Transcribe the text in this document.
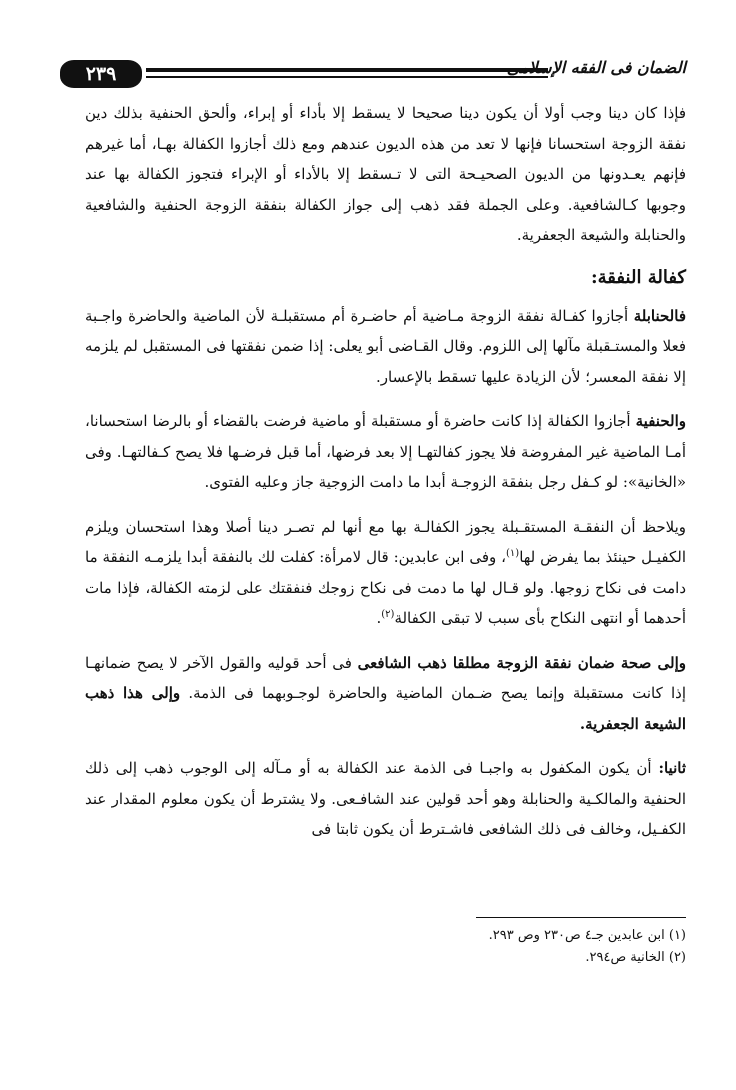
٢٣٩	الضمان فى الفقه الإسلامى

فإذا كان دينا وجب أولا أن يكون دينا صحيحا لا يسقط إلا بأداء أو إبراء، وألحق الحنفية بذلك دين نفقة الزوجة استحسانا فإنها لا تعد من هذه الديون عندهم ومع ذلك أجازوا الكفالة بهـا، أما غيرهم فإنهم يعـدونها من الديون الصحيـحة التى لا تـسقط إلا بالأداء أو الإبراء فتجوز الكفالة بها عند وجوبها كـالشافعية. وعلى الجملة فقد ذهب إلى جواز الكفالة بنفقة الزوجة الحنفية والشافعية والحنابلة والشيعة الجعفرية.

كفالة النفقة:

فالحنابلة أجازوا كفـالة نفقة الزوجة مـاضية أم حاضـرة أم مستقبلـة لأن الماضية والحاضرة واجـبة فعلا والمستـقبلة مآلها إلى اللزوم. وقال القـاضى أبو يعلى: إذا ضمن نفقتها فى المستقبل لم يلزمه إلا نفقة المعسر؛ لأن الزيادة عليها تسقط بالإعسار.

والحنفية أجازوا الكفالة إذا كانت حاضرة أو مستقبلة أو ماضية فرضت بالقضاء أو بالرضا استحسانا، أمـا الماضية غير المفروضة فلا يجوز كفالتهـا إلا بعد فرضها، أما قبل فرضـها فلا يصح كـفالتهـا. وفى «الخانية»: لو كـفل رجل بنفقة الزوجـة أبدا ما دامت الزوجية جاز وعليه الفتوى.

ويلاحظ أن النفقـة المستقـبلة يجوز الكفالـة بها مع أنها لم تصـر دينا أصلا وهذا استحسان ويلزم الكفيـل حينئذ بما يفرض لها$^{(١)}$، وفى ابن عابدين: قال لامرأة: كفلت لك بالنفقة أبدا يلزمـه النفقة ما دامت فى نكاح زوجها. ولو قـال لها ما دمت فى نكاح زوجك فنفقتك على لزمته الكفالة، فإذا مات أحدهما أو انتهى النكاح بأى سبب لا تبقى الكفالة$^{(٢)}$.

وإلى صحة ضمان نفقة الزوجة مطلقا ذهب الشافعى فى أحد قوليه والقول الآخر لا يصح ضمانهـا إذا كانت مستقبلة وإنما يصح ضـمان الماضية والحاضرة لوجـوبهما فى الذمة. وإلى هذا ذهب الشيعة الجعفرية.

ثانيا: أن يكون المكفول به واجبـا فى الذمة عند الكفالة به أو مـآله إلى الوجوب ذهب إلى ذلك الحنفية والمالكـية والحنابلة وهو أحد قولين عند الشافـعى. ولا يشترط أن يكون معلوم المقدار عند الكفـيل، وخالف فى ذلك الشافعى فاشـترط أن يكون ثابتا فى

(١) ابن عابدين جـ٤ ص٢٣٠ وص ٢٩٣.
(٢) الخانية ص٢٩٤.
